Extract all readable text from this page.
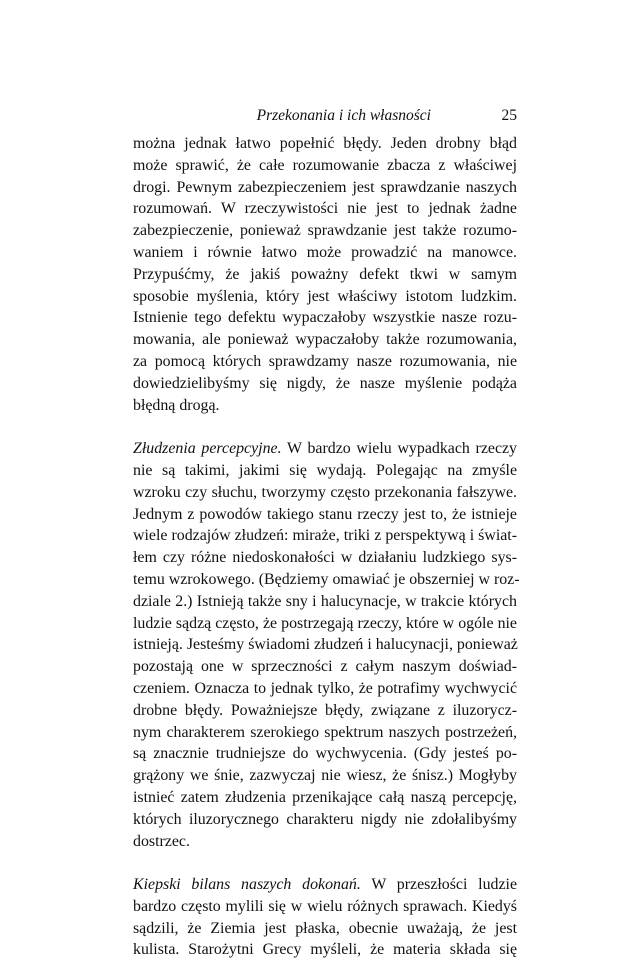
Przekonania i ich własności	25
można jednak łatwo popełnić błędy. Jeden drobny błąd
może sprawić, że całe rozumowanie zbacza z właściwej
drogi. Pewnym zabezpieczeniem jest sprawdzanie naszych
rozumowań. W rzeczywistości nie jest to jednak żadne
zabezpieczenie, ponieważ sprawdzanie jest także rozumo-
waniem i równie łatwo może prowadzić na manowce.
Przypuśćmy, że jakiś poważny defekt tkwi w samym
sposobie myślenia, który jest właściwy istotom ludzkim.
Istnienie tego defektu wypaczałoby wszystkie nasze rozu-
mowania, ale ponieważ wypaczałoby także rozumowania,
za pomocą których sprawdzamy nasze rozumowania, nie
dowiedzielibyśmy się nigdy, że nasze myślenie podąża
błędną drogą.
Złudzenia percepcyjne. W bardzo wielu wypadkach rzeczy
nie są takimi, jakimi się wydają. Polegając na zmyśle
wzroku czy słuchu, tworzymy często przekonania fałszywe.
Jednym z powodów takiego stanu rzeczy jest to, że istnieje
wiele rodzajów złudzeń: miraże, triki z perspektywą i świat-
łem czy różne niedoskonałości w działaniu ludzkiego sys-
temu wzrokowego. (Będziemy omawiać je obszerniej w roz-
dziale 2.) Istnieją także sny i halucynacje, w trakcie których
ludzie sądzą często, że postrzegają rzeczy, które w ogóle nie
istnieją. Jesteśmy świadomi złudzeń i halucynacji, ponieważ
pozostają one w sprzeczności z całym naszym doświad-
czeniem. Oznacza to jednak tylko, że potrafimy wychwycić
drobne błędy. Poważniejsze błędy, związane z iluzorycz-
nym charakterem szerokiego spektrum naszych postrzeżeń,
są znacznie trudniejsze do wychwycenia. (Gdy jesteś po-
grążony we śnie, zazwyczaj nie wiesz, że śnisz.) Mogłyby
istnieć zatem złudzenia przenikające całą naszą percepcję,
których iluzorycznego charakteru nigdy nie zdołalibyśmy
dostrzec.
Kiepski bilans naszych dokonań. W przeszłości ludzie
bardzo często mylili się w wielu różnych sprawach. Kiedyś
sądzili, że Ziemia jest płaska, obecnie uważają, że jest
kulista. Starożytni Grecy myśleli, że materia składa się
